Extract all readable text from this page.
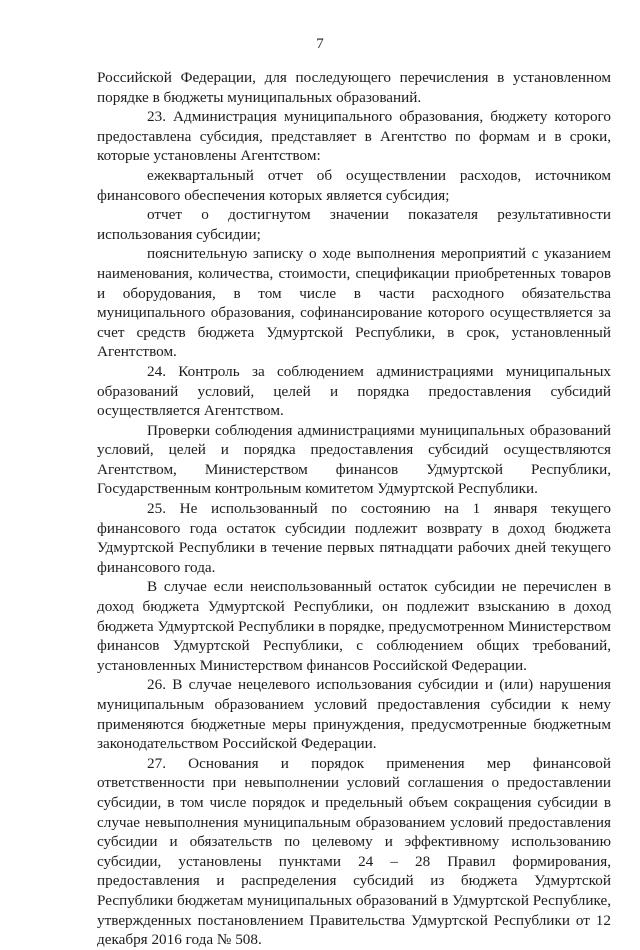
7

Российской Федерации, для последующего перечисления в установленном порядке в бюджеты муниципальных образований.

23. Администрация муниципального образования, бюджету которого предоставлена субсидия, представляет в Агентство по формам и в сроки, которые установлены Агентством:

ежеквартальный отчет об осуществлении расходов, источником финансового обеспечения которых является субсидия;

отчет о достигнутом значении показателя результативности использования субсидии;

пояснительную записку о ходе выполнения мероприятий с указанием наименования, количества, стоимости, спецификации приобретенных товаров и оборудования, в том числе в части расходного обязательства муниципального образования, софинансирование которого осуществляется за счет средств бюджета Удмуртской Республики, в срок, установленный Агентством.

24. Контроль за соблюдением администрациями муниципальных образований условий, целей и порядка предоставления субсидий осуществляется Агентством.

Проверки соблюдения администрациями муниципальных образований условий, целей и порядка предоставления субсидий осуществляются Агентством, Министерством финансов Удмуртской Республики, Государственным контрольным комитетом Удмуртской Республики.

25. Не использованный по состоянию на 1 января текущего финансового года остаток субсидии подлежит возврату в доход бюджета Удмуртской Республики в течение первых пятнадцати рабочих дней текущего финансового года.

В случае если неиспользованный остаток субсидии не перечислен в доход бюджета Удмуртской Республики, он подлежит взысканию в доход бюджета Удмуртской Республики в порядке, предусмотренном Министерством финансов Удмуртской Республики, с соблюдением общих требований, установленных Министерством финансов Российской Федерации.

26. В случае нецелевого использования субсидии и (или) нарушения муниципальным образованием условий предоставления субсидии к нему применяются бюджетные меры принуждения, предусмотренные бюджетным законодательством Российской Федерации.

27. Основания и порядок применения мер финансовой ответственности при невыполнении условий соглашения о предоставлении субсидии, в том числе порядок и предельный объем сокращения субсидии в случае невыполнения муниципальным образованием условий предоставления субсидии и обязательств по целевому и эффективному использованию субсидии, установлены пунктами 24 – 28 Правил формирования, предоставления и распределения субсидий из бюджета Удмуртской Республики бюджетам муниципальных образований в Удмуртской Республике, утвержденных постановлением Правительства Удмуртской Республики от 12 декабря 2016 года № 508.
